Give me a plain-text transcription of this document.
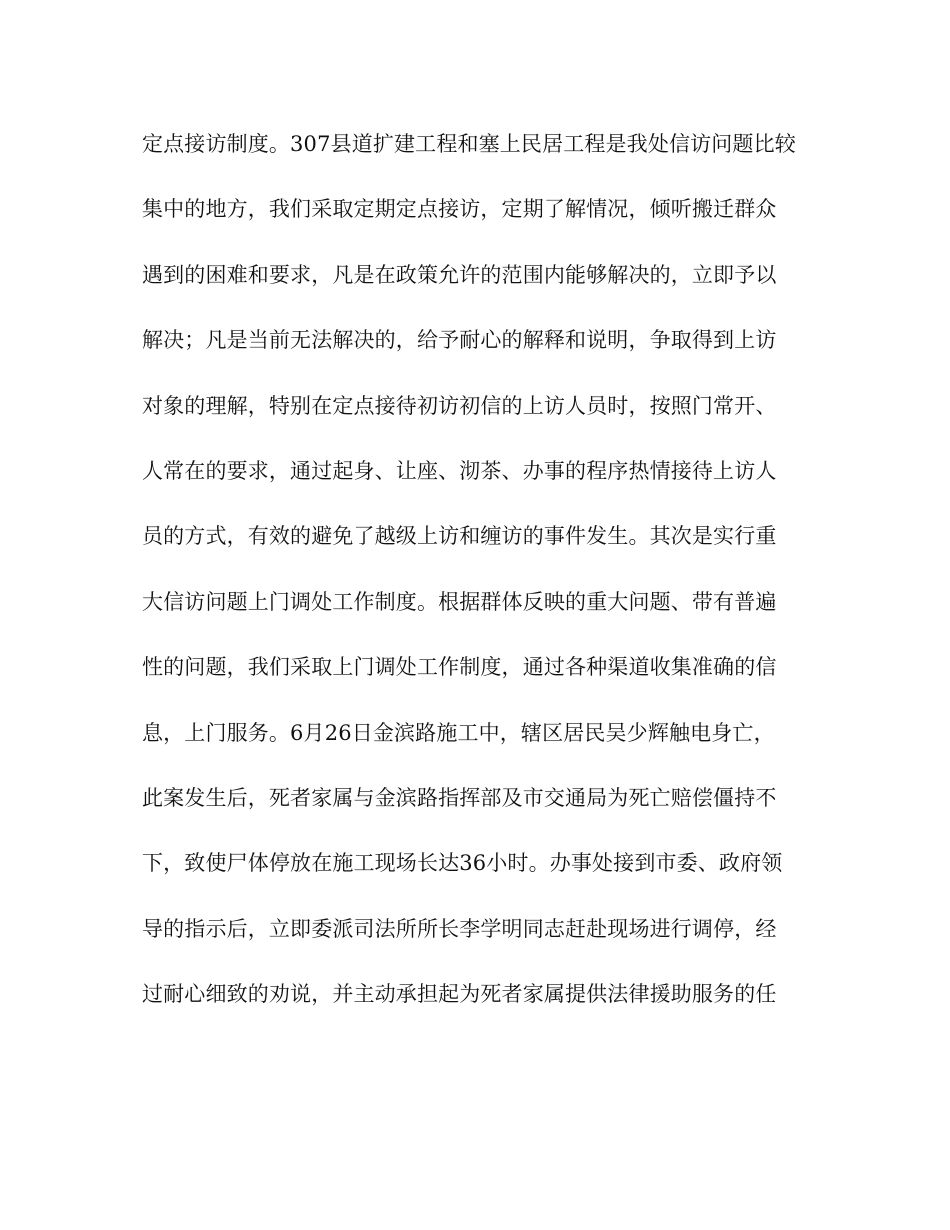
定点接访制度。307县道扩建工程和塞上民居工程是我处信访问题比较
集中的地方，我们采取定期定点接访，定期了解情况，倾听搬迁群众
遇到的困难和要求，凡是在政策允许的范围内能够解决的，立即予以
解决；凡是当前无法解决的，给予耐心的解释和说明，争取得到上访
对象的理解，特别在定点接待初访初信的上访人员时，按照门常开、
人常在的要求，通过起身、让座、沏茶、办事的程序热情接待上访人
员的方式，有效的避免了越级上访和缠访的事件发生。其次是实行重
大信访问题上门调处工作制度。根据群体反映的重大问题、带有普遍
性的问题，我们采取上门调处工作制度，通过各种渠道收集准确的信
息，上门服务。6月26日金滨路施工中，辖区居民吴少辉触电身亡，
此案发生后，死者家属与金滨路指挥部及市交通局为死亡赔偿僵持不
下，致使尸体停放在施工现场长达36小时。办事处接到市委、政府领
导的指示后，立即委派司法所所长李学明同志赶赴现场进行调停，经
过耐心细致的劝说，并主动承担起为死者家属提供法律援助服务的任
